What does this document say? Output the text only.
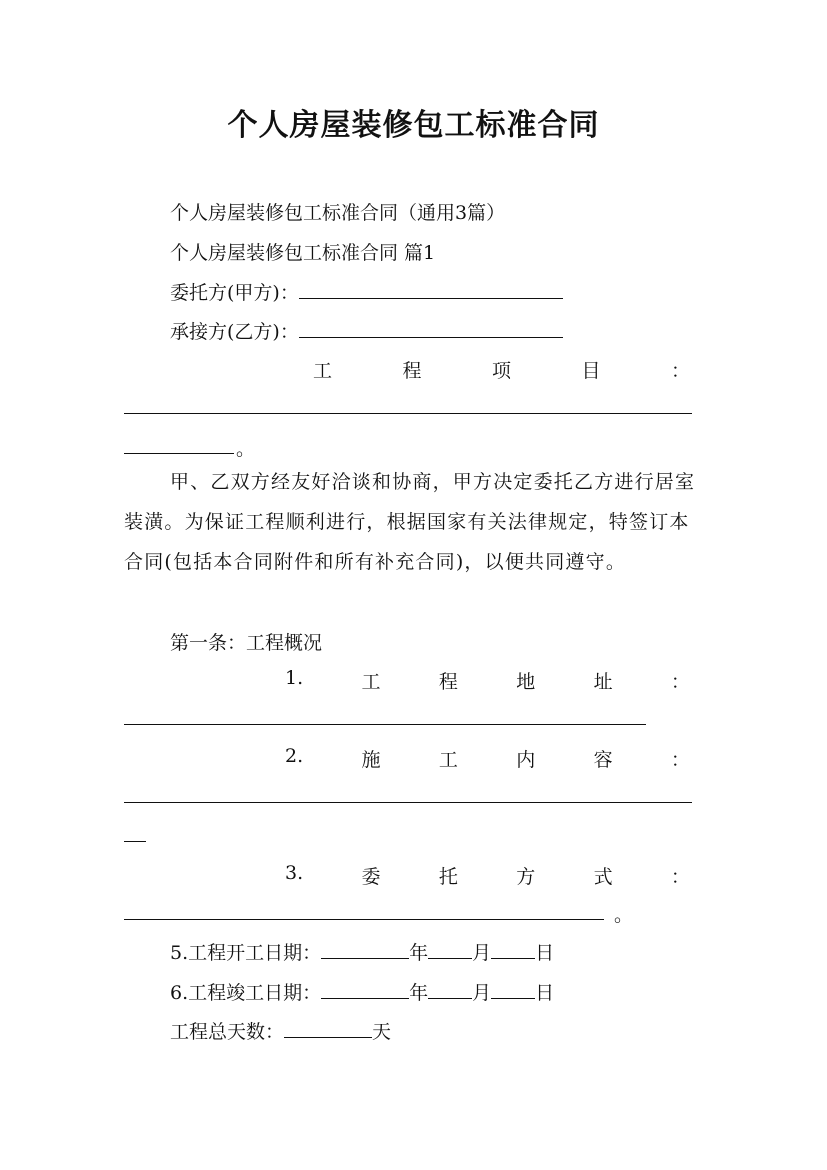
个人房屋装修包工标准合同
个人房屋装修包工标准合同（通用3篇）
个人房屋装修包工标准合同 篇1
委托方(甲方)：
承接方(乙方)：
工	程	项	目	：
。

甲、乙双方经友好洽谈和协商，甲方决定委托乙方进行居室装潢。为保证工程顺利进行，根据国家有关法律规定，特签订本合同(包括本合同附件和所有补充合同)，以便共同遵守。

第一条：工程概况
1.	工	程	地	址	：
2.	施	工	内	容	：
3.	委	托	方	式	：
。
5.工程开工日期：	年 月 日
6.工程竣工日期：	年 月 日
工程总天数：	天
